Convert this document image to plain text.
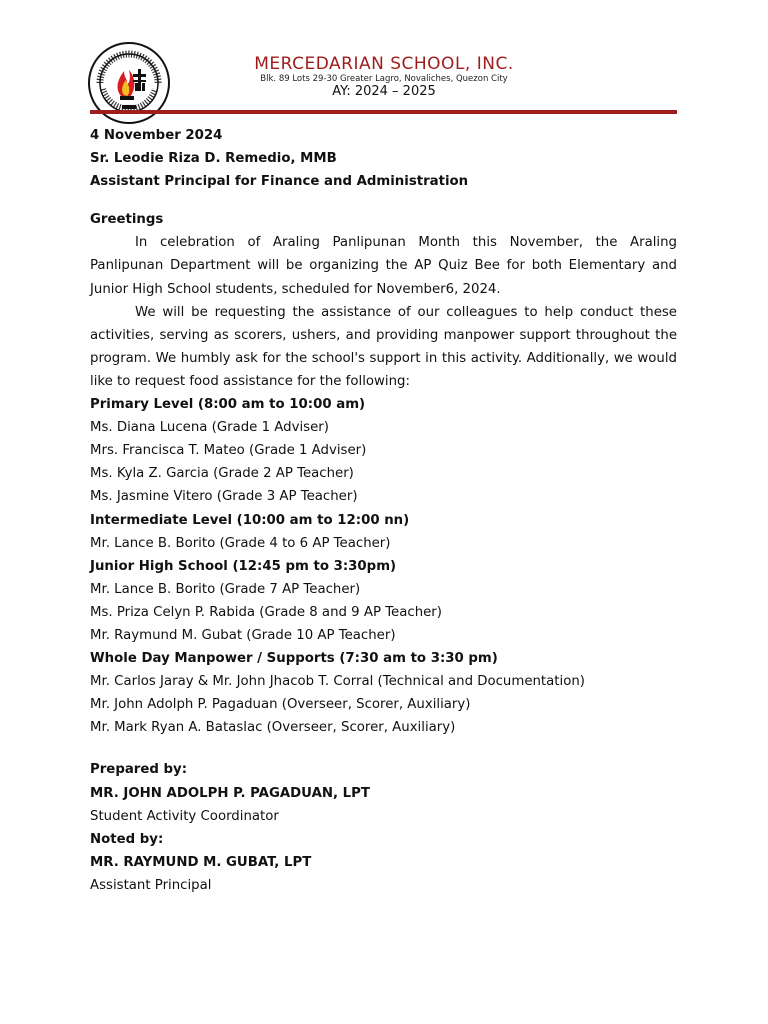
MERCEDARIAN SCHOOL, INC.
Blk. 89 Lots 29-30 Greater Lagro, Novaliches, Quezon City
AY: 2024 – 2025
4 November 2024
Sr. Leodie Riza D. Remedio, MMB
Assistant Principal for Finance and Administration
Greetings
In celebration of Araling Panlipunan Month this November, the Araling Panlipunan Department will be organizing the AP Quiz Bee for both Elementary and Junior High School students, scheduled for November6, 2024.
We will be requesting the assistance of our colleagues to help conduct these activities, serving as scorers, ushers, and providing manpower support throughout the program. We humbly ask for the school's support in this activity. Additionally, we would like to request food assistance for the following:
Primary Level (8:00 am to 10:00 am)
Ms. Diana Lucena (Grade 1 Adviser)
Mrs. Francisca T. Mateo (Grade 1 Adviser)
Ms. Kyla Z. Garcia (Grade 2 AP Teacher)
Ms. Jasmine Vitero (Grade 3 AP Teacher)
Intermediate Level (10:00 am to 12:00 nn)
Mr. Lance B. Borito (Grade 4 to 6 AP Teacher)
Junior High School (12:45 pm to 3:30pm)
Mr. Lance B. Borito (Grade 7 AP Teacher)
Ms. Priza Celyn P. Rabida (Grade 8 and 9 AP Teacher)
Mr. Raymund M. Gubat (Grade 10 AP Teacher)
Whole Day Manpower / Supports (7:30 am to 3:30 pm)
Mr. Carlos Jaray & Mr. John Jhacob T. Corral (Technical and Documentation)
Mr. John Adolph P. Pagaduan (Overseer, Scorer, Auxiliary)
Mr. Mark Ryan A. Bataslac (Overseer, Scorer, Auxiliary)
Prepared by:
MR. JOHN ADOLPH P. PAGADUAN, LPT
Student Activity Coordinator
Noted by:
MR. RAYMUND M. GUBAT, LPT
Assistant Principal
